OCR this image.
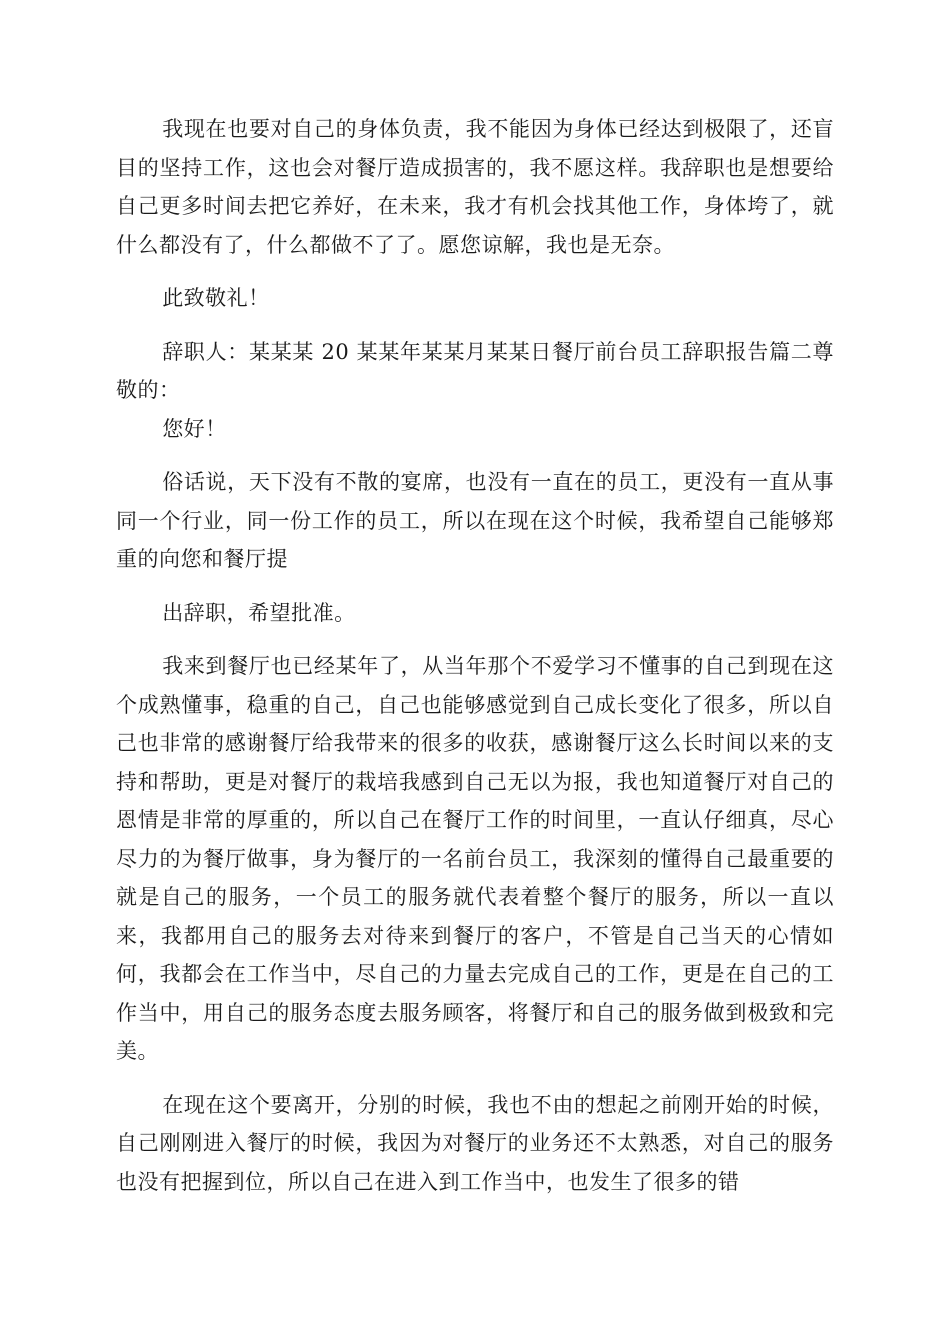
我现在也要对自己的身体负责，我不能因为身体已经达到极限了，还盲目的坚持工作，这也会对餐厅造成损害的，我不愿这样。我辞职也是想要给自己更多时间去把它养好，在未来，我才有机会找其他工作，身体垮了，就什么都没有了，什么都做不了了。愿您谅解，我也是无奈。

此致敬礼！

辞职人：某某某 20 某某年某某月某某日餐厅前台员工辞职报告篇二尊敬的：

您好！

俗话说，天下没有不散的宴席，也没有一直在的员工，更没有一直从事同一个行业，同一份工作的员工，所以在现在这个时候，我希望自己能够郑重的向您和餐厅提

出辞职，希望批准。

我来到餐厅也已经某年了，从当年那个不爱学习不懂事的自己到现在这个成熟懂事，稳重的自己，自己也能够感觉到自己成长变化了很多，所以自己也非常的感谢餐厅给我带来的很多的收获，感谢餐厅这么长时间以来的支持和帮助，更是对餐厅的栽培我感到自己无以为报，我也知道餐厅对自己的恩情是非常的厚重的，所以自己在餐厅工作的时间里，一直认仔细真，尽心尽力的为餐厅做事，身为餐厅的一名前台员工，我深刻的懂得自己最重要的就是自己的服务，一个员工的服务就代表着整个餐厅的服务，所以一直以来，我都用自己的服务去对待来到餐厅的客户，不管是自己当天的心情如何，我都会在工作当中，尽自己的力量去完成自己的工作，更是在自己的工作当中，用自己的服务态度去服务顾客，将餐厅和自己的服务做到极致和完美。

在现在这个要离开，分别的时候，我也不由的想起之前刚开始的时候，自己刚刚进入餐厅的时候，我因为对餐厅的业务还不太熟悉，对自己的服务也没有把握到位，所以自己在进入到工作当中，也发生了很多的错
